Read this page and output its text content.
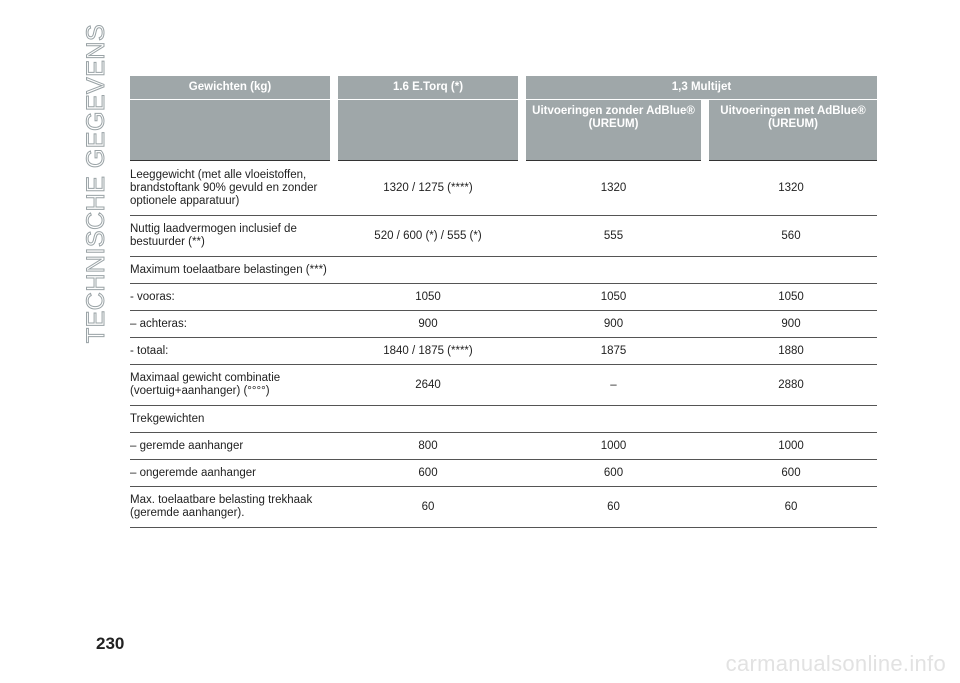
TECHNISCHE GEGEVENS	Gewichten (kg)	1.6 E.Torq (*)	1,3 Multijet	
		Uitvoeringen zonder AdBlue® (UREUM)	Uitvoeringen met AdBlue® (UREUM)
Leeggewicht (met alle vloeistoffen, brandstoftank 90% gevuld en zonder optionele apparatuur)	1320 / 1275 (****)	1320	1320
Nuttig laadvermogen inclusief de bestuurder (**)	520 / 600 (*) / 555 (*)	555	560
Maximum toelaatbare belastingen (***)			
- vooras:	1050	1050	1050
– achteras:	900	900	900
- totaal:	1840 / 1875 (****)	1875	1880
Maximaal gewicht combinatie (voertuig+aanhanger) (°°°°)	2640	–	2880
Trekgewichten			
– geremde aanhanger	800	1000	1000
– ongeremde aanhanger	600	600	600
Max. toelaatbare belasting trekhaak (geremde aanhanger).	60	60	60
230
carmanualsonline.info
